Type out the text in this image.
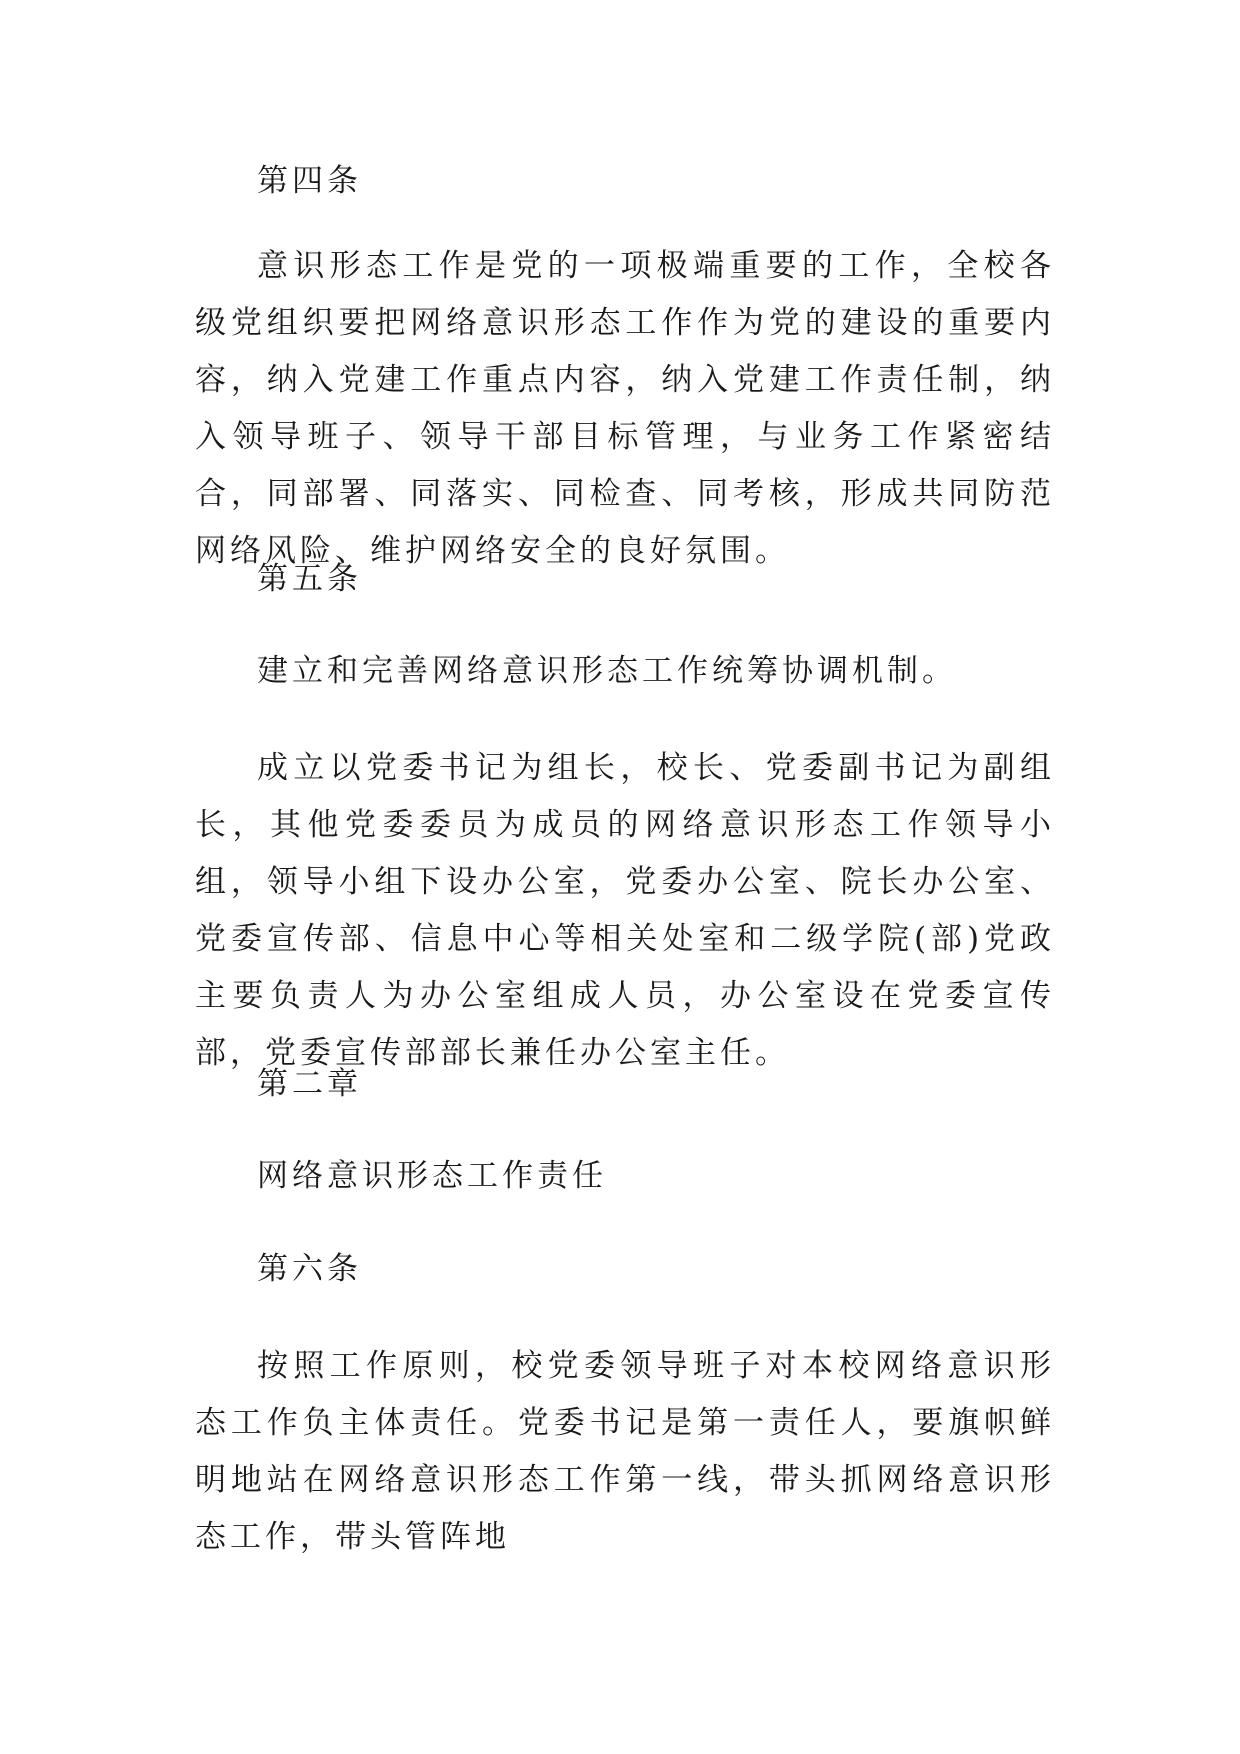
第四条

意识形态工作是党的一项极端重要的工作，全校各级党组织要把网络意识形态工作作为党的建设的重要内容，纳入党建工作重点内容，纳入党建工作责任制，纳入领导班子、领导干部目标管理，与业务工作紧密结合，同部署、同落实、同检查、同考核，形成共同防范网络风险、维护网络安全的良好氛围。

第五条

建立和完善网络意识形态工作统筹协调机制。

成立以党委书记为组长，校长、党委副书记为副组长，其他党委委员为成员的网络意识形态工作领导小组，领导小组下设办公室，党委办公室、院长办公室、党委宣传部、信息中心等相关处室和二级学院(部)党政主要负责人为办公室组成人员，办公室设在党委宣传部，党委宣传部部长兼任办公室主任。

第二章

网络意识形态工作责任

第六条

按照工作原则，校党委领导班子对本校网络意识形态工作负主体责任。党委书记是第一责任人，要旗帜鲜明地站在网络意识形态工作第一线，带头抓网络意识形态工作，带头管阵地
